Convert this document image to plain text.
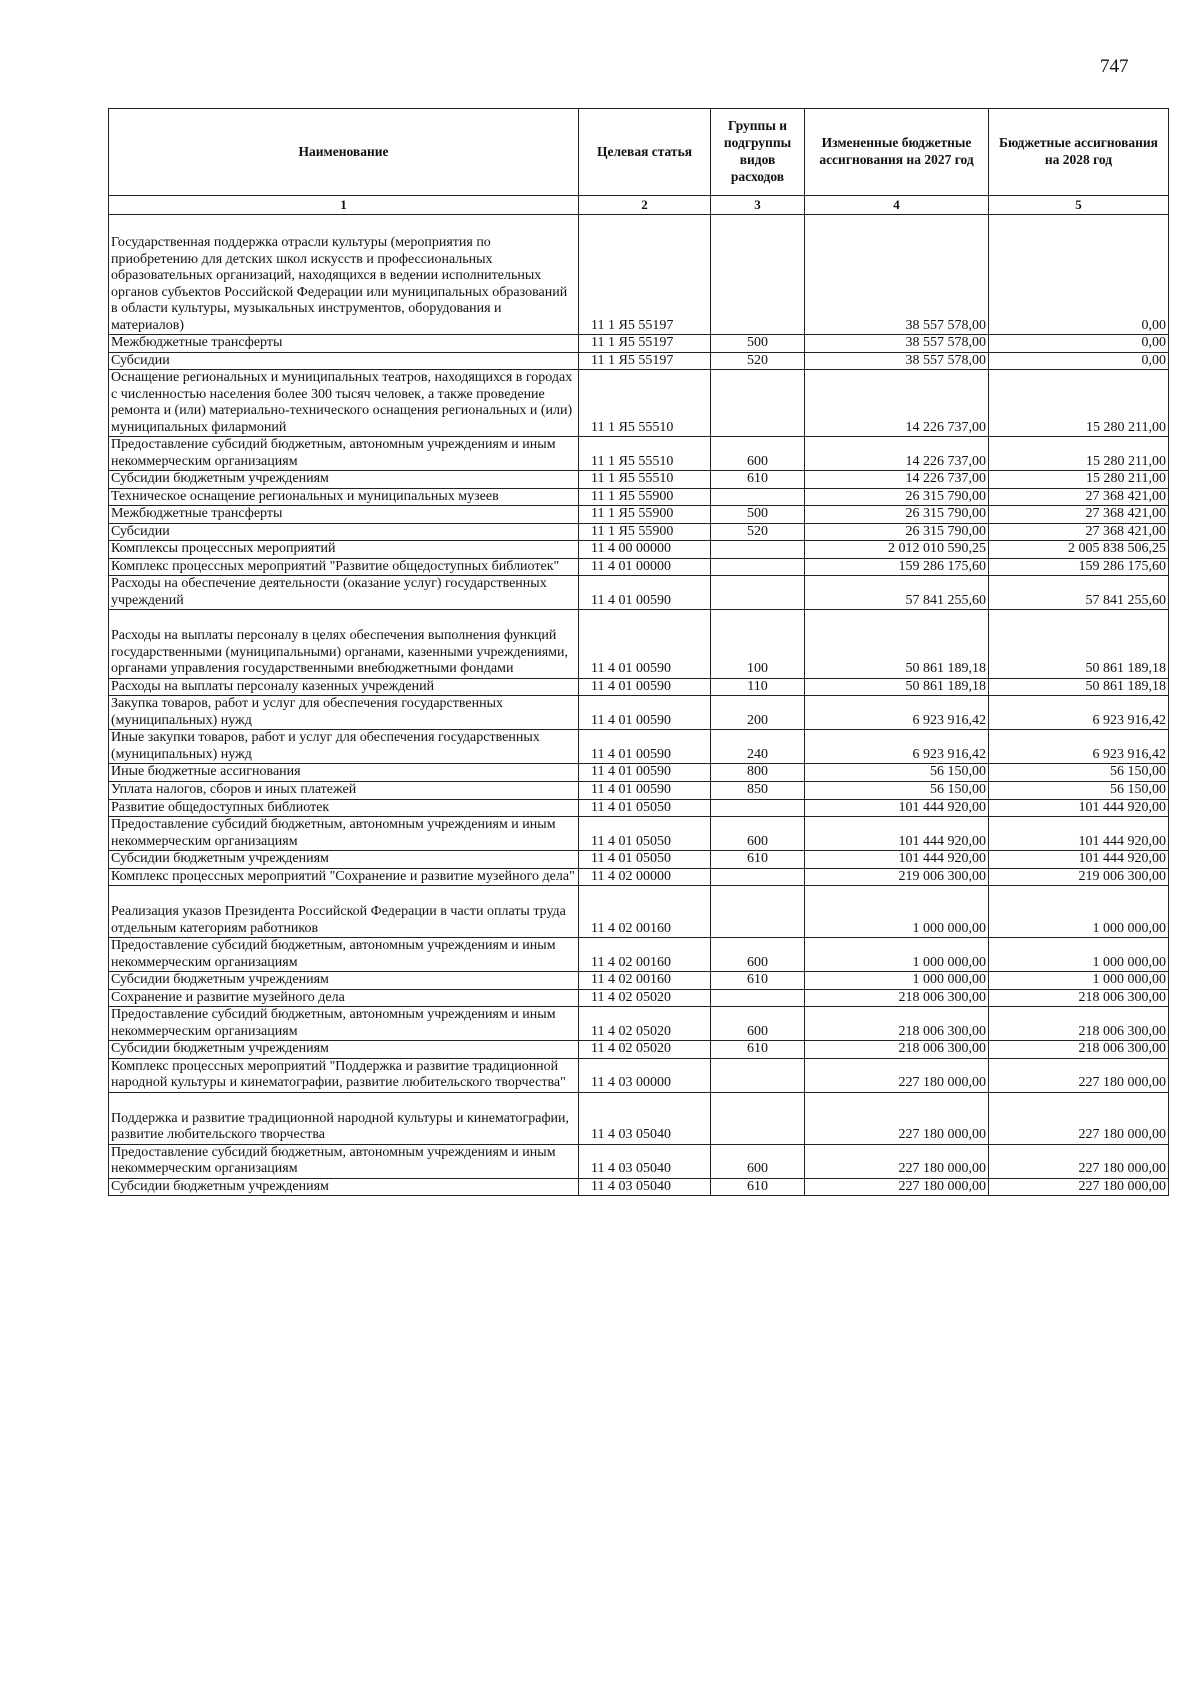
747
Наименование	Целевая статья	Группы и подгруппы видов расходов	Измененные бюджетные ассигнования на 2027 год	Бюджетные ассигнования на 2028 год
1	2	3	4	5
Государственная поддержка отрасли культуры (мероприятия по приобретению для детских школ искусств и профессиональных образовательных организаций, находящихся в ведении исполнительных органов субъектов Российской Федерации или муниципальных образований в области культуры, музыкальных инструментов, оборудования и материалов)	11 1 Я5 55197		38 557 578,00	0,00
Межбюджетные трансферты	11 1 Я5 55197	500	38 557 578,00	0,00
Субсидии	11 1 Я5 55197	520	38 557 578,00	0,00
Оснащение региональных и муниципальных театров, находящихся в городах с численностью населения более 300 тысяч человек, а также проведение ремонта и (или) материально-технического оснащения региональных и (или) муниципальных филармоний	11 1 Я5 55510		14 226 737,00	15 280 211,00
Предоставление субсидий бюджетным, автономным учреждениям и иным некоммерческим организациям	11 1 Я5 55510	600	14 226 737,00	15 280 211,00
Субсидии бюджетным учреждениям	11 1 Я5 55510	610	14 226 737,00	15 280 211,00
Техническое оснащение региональных и муниципальных музеев	11 1 Я5 55900		26 315 790,00	27 368 421,00
Межбюджетные трансферты	11 1 Я5 55900	500	26 315 790,00	27 368 421,00
Субсидии	11 1 Я5 55900	520	26 315 790,00	27 368 421,00
Комплексы процессных мероприятий	11 4 00 00000		2 012 010 590,25	2 005 838 506,25
Комплекс процессных мероприятий "Развитие общедоступных библиотек"	11 4 01 00000		159 286 175,60	159 286 175,60
Расходы на обеспечение деятельности (оказание услуг) государственных учреждений	11 4 01 00590		57 841 255,60	57 841 255,60
Расходы на выплаты персоналу в целях обеспечения выполнения функций государственными (муниципальными) органами, казенными учреждениями, органами управления государственными внебюджетными фондами	11 4 01 00590	100	50 861 189,18	50 861 189,18
Расходы на выплаты персоналу казенных учреждений	11 4 01 00590	110	50 861 189,18	50 861 189,18
Закупка товаров, работ и услуг для обеспечения государственных (муниципальных) нужд	11 4 01 00590	200	6 923 916,42	6 923 916,42
Иные закупки товаров, работ и услуг для обеспечения государственных (муниципальных) нужд	11 4 01 00590	240	6 923 916,42	6 923 916,42
Иные бюджетные ассигнования	11 4 01 00590	800	56 150,00	56 150,00
Уплата налогов, сборов и иных платежей	11 4 01 00590	850	56 150,00	56 150,00
Развитие общедоступных библиотек	11 4 01 05050		101 444 920,00	101 444 920,00
Предоставление субсидий бюджетным, автономным учреждениям и иным некоммерческим организациям	11 4 01 05050	600	101 444 920,00	101 444 920,00
Субсидии бюджетным учреждениям	11 4 01 05050	610	101 444 920,00	101 444 920,00
Комплекс процессных мероприятий "Сохранение и развитие музейного дела"	11 4 02 00000		219 006 300,00	219 006 300,00
Реализация указов Президента Российской Федерации в части оплаты труда отдельным категориям работников	11 4 02 00160		1 000 000,00	1 000 000,00
Предоставление субсидий бюджетным, автономным учреждениям и иным некоммерческим организациям	11 4 02 00160	600	1 000 000,00	1 000 000,00
Субсидии бюджетным учреждениям	11 4 02 00160	610	1 000 000,00	1 000 000,00
Сохранение и развитие музейного дела	11 4 02 05020		218 006 300,00	218 006 300,00
Предоставление субсидий бюджетным, автономным учреждениям и иным некоммерческим организациям	11 4 02 05020	600	218 006 300,00	218 006 300,00
Субсидии бюджетным учреждениям	11 4 02 05020	610	218 006 300,00	218 006 300,00
Комплекс процессных мероприятий "Поддержка и развитие традиционной народной культуры и кинематографии, развитие любительского творчества"	11 4 03 00000		227 180 000,00	227 180 000,00
Поддержка и развитие традиционной народной культуры и кинематографии, развитие любительского творчества	11 4 03 05040		227 180 000,00	227 180 000,00
Предоставление субсидий бюджетным, автономным учреждениям и иным некоммерческим организациям	11 4 03 05040	600	227 180 000,00	227 180 000,00
Субсидии бюджетным учреждениям	11 4 03 05040	610	227 180 000,00	227 180 000,00
